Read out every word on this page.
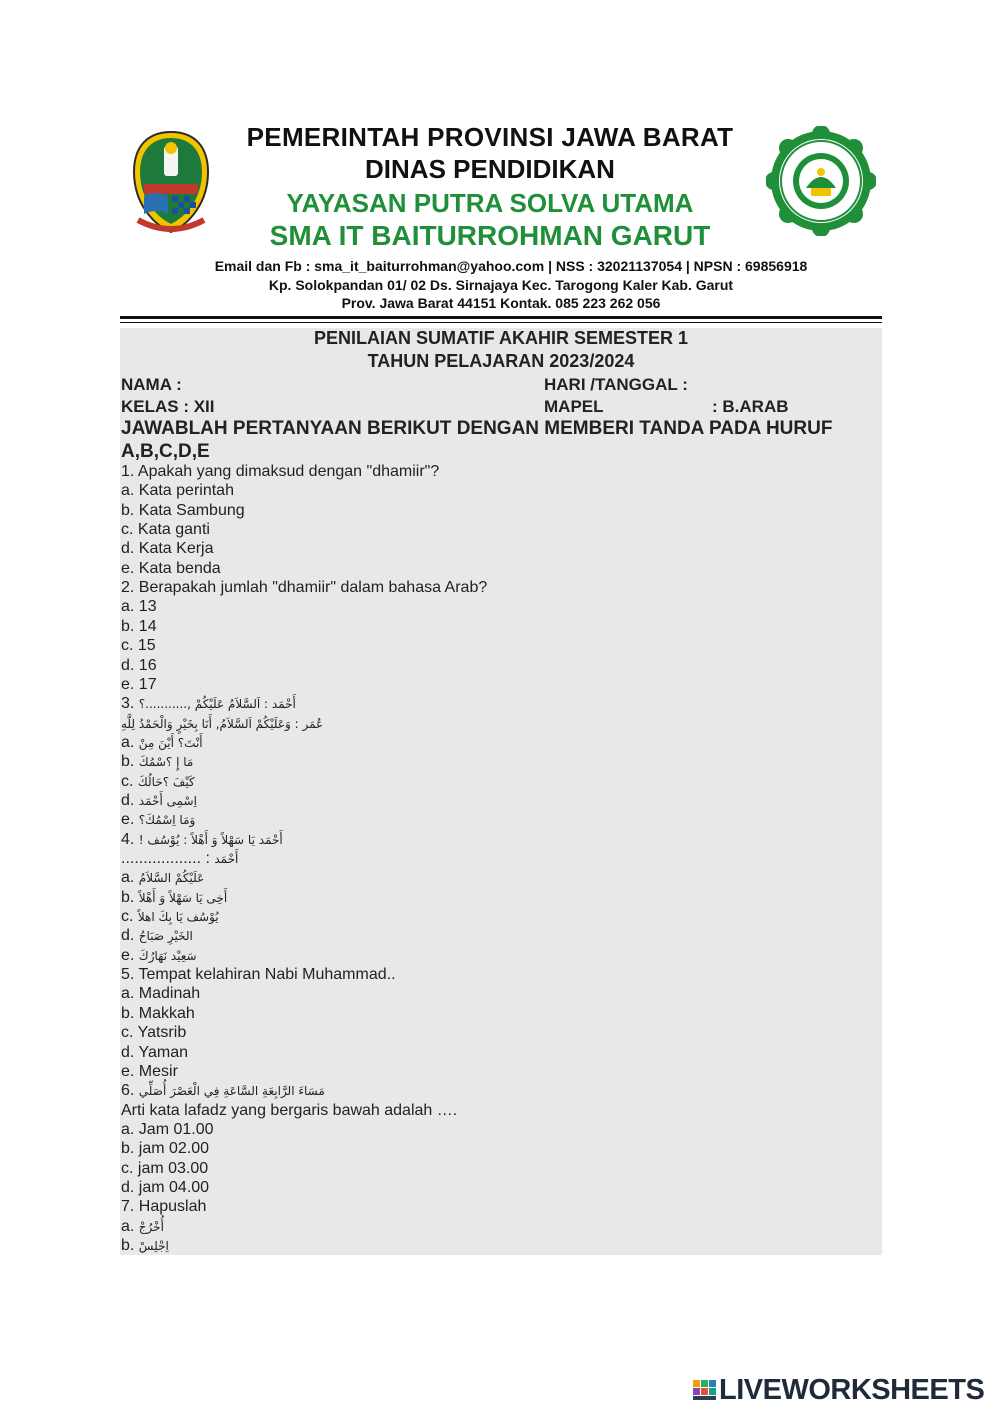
PEMERINTAH PROVINSI JAWA BARAT
DINAS PENDIDIKAN
YAYASAN PUTRA SOLVA UTAMA
SMA IT BAITURROHMAN GARUT
Email dan Fb : sma_it_baiturrohman@yahoo.com | NSS : 32021137054 | NPSN : 69856918
Kp. Solokpandan 01/ 02 Ds. Sirnajaya Kec. Tarogong Kaler Kab. Garut
Prov. Jawa Barat 44151 Kontak. 085 223 262 056
PENILAIAN SUMATIF AKAHIR SEMESTER 1
TAHUN PELAJARAN 2023/2024
NAMA :	HARI /TANGGAL :
KELAS : XII	MAPEL	: B.ARAB
JAWABLAH PERTANYAAN BERIKUT DENGAN MEMBERI TANDA PADA HURUF A,B,C,D,E
1. Apakah yang dimaksud dengan "dhamiir"?
a. Kata perintah
b. Kata Sambung
c. Kata ganti
d. Kata Kerja
e. Kata benda
2. Berapakah jumlah "dhamiir" dalam bahasa Arab?
a. 13
b. 14
c. 15
d. 16
e. 17
3. أَحْمَد : اَلسَّلاَمُ عَلَيْكُمْ ,...........؟
عُمَر : وَعَلَيْكُمْ اَلسَّلاَمُ, أَنَا بِخَيْرٍ وَالْحَمْدُ لِلَّهِ
a. أَنْتَ؟ أَيْنَ مِنْ
b. مَا إِ ؟سْمُكَ
c. كَيْفَ ؟حَالُكَ
d. اِسْمِى أَحْمَد
e. وَمَا اِسْمُكَ؟
4. أَحْمَد يَا سَهْلاً وَ أَهْلاً : يُوْسُف !
.................. : أَحْمَد
a. عَلَيْكُمْ السَّلاَمُ
b. أَخِى يَا سَهْلاً وَ أَهْلاً
c. يُوْسُف يَا بِكَ اهلاً
d. الخَيْرِ صَبَاحُ
e. سَعِيْد نَهَارُكَ
5. Tempat kelahiran Nabi Muhammad..
a. Madinah
b. Makkah
c. Yatsrib
d. Yaman
e. Mesir
6. مَسَاءَ الرَّابِعَةِ السَّاعَةِ فِي الْعَصْرَ أُصَلِّي
Arti kata lafadz yang bergaris bawah adalah ….
a. Jam 01.00
b. jam 02.00
c. jam 03.00
d. jam 04.00
7. Hapuslah
a. أُخْرُجْ
b. اِجْلِسْ
LIVEWORKSHEETS
